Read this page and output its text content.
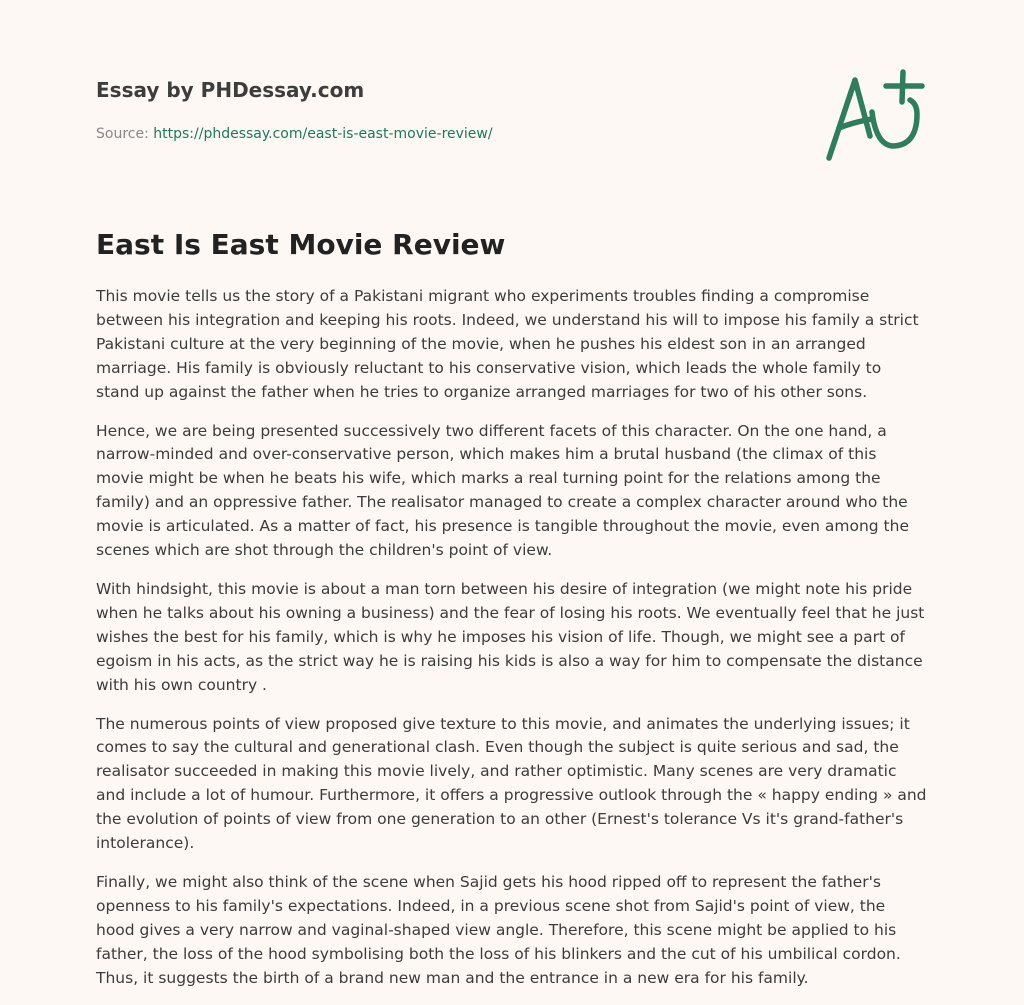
Essay by PHDessay.com
Source: https://phdessay.com/east-is-east-movie-review/
East Is East Movie Review

This movie tells us the story of a Pakistani migrant who experiments troubles finding a compromise between his integration and keeping his roots. Indeed, we understand his will to impose his family a strict Pakistani culture at the very beginning of the movie, when he pushes his eldest son in an arranged marriage. His family is obviously reluctant to his conservative vision, which leads the whole family to stand up against the father when he tries to organize arranged marriages for two of his other sons.

Hence, we are being presented successively two different facets of this character. On the one hand, a narrow-minded and over-conservative person, which makes him a brutal husband (the climax of this movie might be when he beats his wife, which marks a real turning point for the relations among the family) and an oppressive father. The realisator managed to create a complex character around who the movie is articulated. As a matter of fact, his presence is tangible throughout the movie, even among the scenes which are shot through the children's point of view.

With hindsight, this movie is about a man torn between his desire of integration (we might note his pride when he talks about his owning a business) and the fear of losing his roots. We eventually feel that he just wishes the best for his family, which is why he imposes his vision of life. Though, we might see a part of egoism in his acts, as the strict way he is raising his kids is also a way for him to compensate the distance with his own country .

The numerous points of view proposed give texture to this movie, and animates the underlying issues; it comes to say the cultural and generational clash. Even though the subject is quite serious and sad, the realisator succeeded in making this movie lively, and rather optimistic. Many scenes are very dramatic and include a lot of humour. Furthermore, it offers a progressive outlook through the « happy ending » and the evolution of points of view from one generation to an other (Ernest's tolerance Vs it's grand-father's intolerance).

Finally, we might also think of the scene when Sajid gets his hood ripped off to represent the father's openness to his family's expectations. Indeed, in a previous scene shot from Sajid's point of view, the hood gives a very narrow and vaginal-shaped view angle. Therefore, this scene might be applied to his father, the loss of the hood symbolising both the loss of his blinkers and the cut of his umbilical cordon. Thus, it suggests the birth of a brand new man and the entrance in a new era for his family.
